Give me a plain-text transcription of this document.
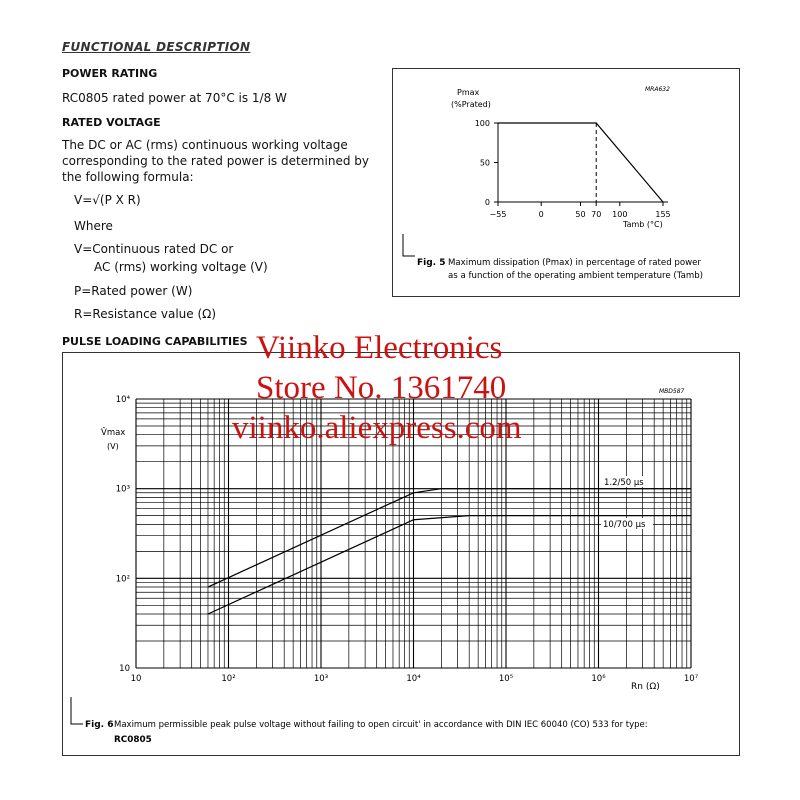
FUNCTIONAL DESCRIPTION
POWER RATING
RC0805 rated power at 70°C is 1/8 W
RATED VOLTAGE
The DC or AC (rms) continuous working voltage
corresponding to the rated power is determined by
the following formula:
V=√(P X R)
Where
V=Continuous rated DC or
AC (rms) working voltage (V)
P=Rated power (W)
R=Resistance value (Ω)
PULSE LOADING CAPABILITIES
MRA632
Pmax
(%Prated)
0
50
100
−55	0	50 70 100	155
Tamb (°C)
Fig. 5 Maximum dissipation (Pmax) in percentage of rated power
as a function of the operating ambient temperature (Tamb)
MBD587
V̂max
(V)
1.2/50 μs
10/700 μs
10	10²	10³	10⁴	10⁵	10⁶	10⁷
10
10²
10³
10⁴
Rn (Ω)
Fig. 6 Maximum permissible peak pulse voltage without failing to open circuit' in accordance with DIN IEC 60040 (CO) 533 for type:
RC0805
Viinko Electronics
Store No. 1361740
viinko.aliexpress.com
